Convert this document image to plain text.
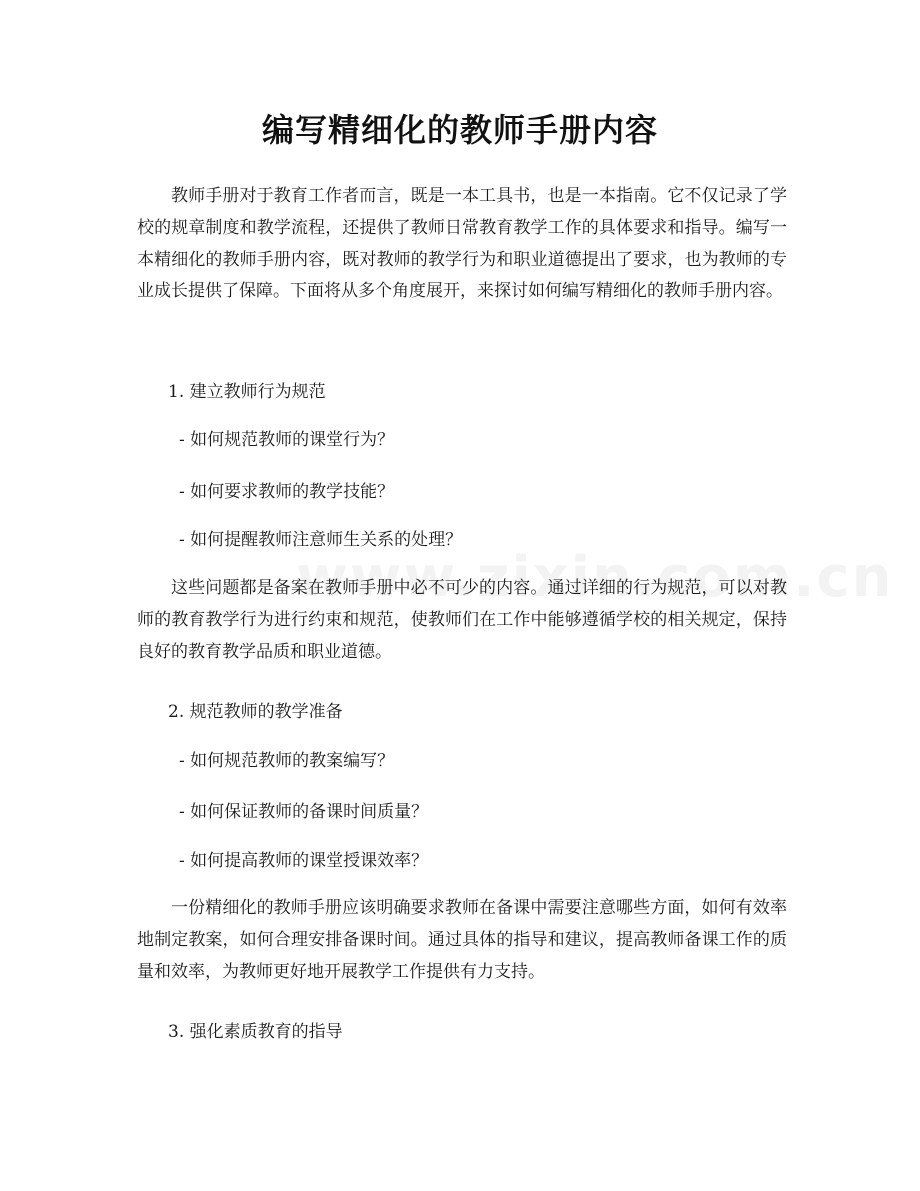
编写精细化的教师手册内容

教师手册对于教育工作者而言，既是一本工具书，也是一本指南。它不仅记录了学校的规章制度和教学流程，还提供了教师日常教育教学工作的具体要求和指导。编写一本精细化的教师手册内容，既对教师的教学行为和职业道德提出了要求，也为教师的专业成长提供了保障。下面将从多个角度展开，来探讨如何编写精细化的教师手册内容。

1. 建立教师行为规范

- 如何规范教师的课堂行为？

- 如何要求教师的教学技能？

- 如何提醒教师注意师生关系的处理？

这些问题都是备案在教师手册中必不可少的内容。通过详细的行为规范，可以对教师的教育教学行为进行约束和规范，使教师们在工作中能够遵循学校的相关规定，保持良好的教育教学品质和职业道德。

2. 规范教师的教学准备

- 如何规范教师的教案编写？

- 如何保证教师的备课时间质量？

- 如何提高教师的课堂授课效率？

一份精细化的教师手册应该明确要求教师在备课中需要注意哪些方面，如何有效率地制定教案，如何合理安排备课时间。通过具体的指导和建议，提高教师备课工作的质量和效率，为教师更好地开展教学工作提供有力支持。

3. 强化素质教育的指导
